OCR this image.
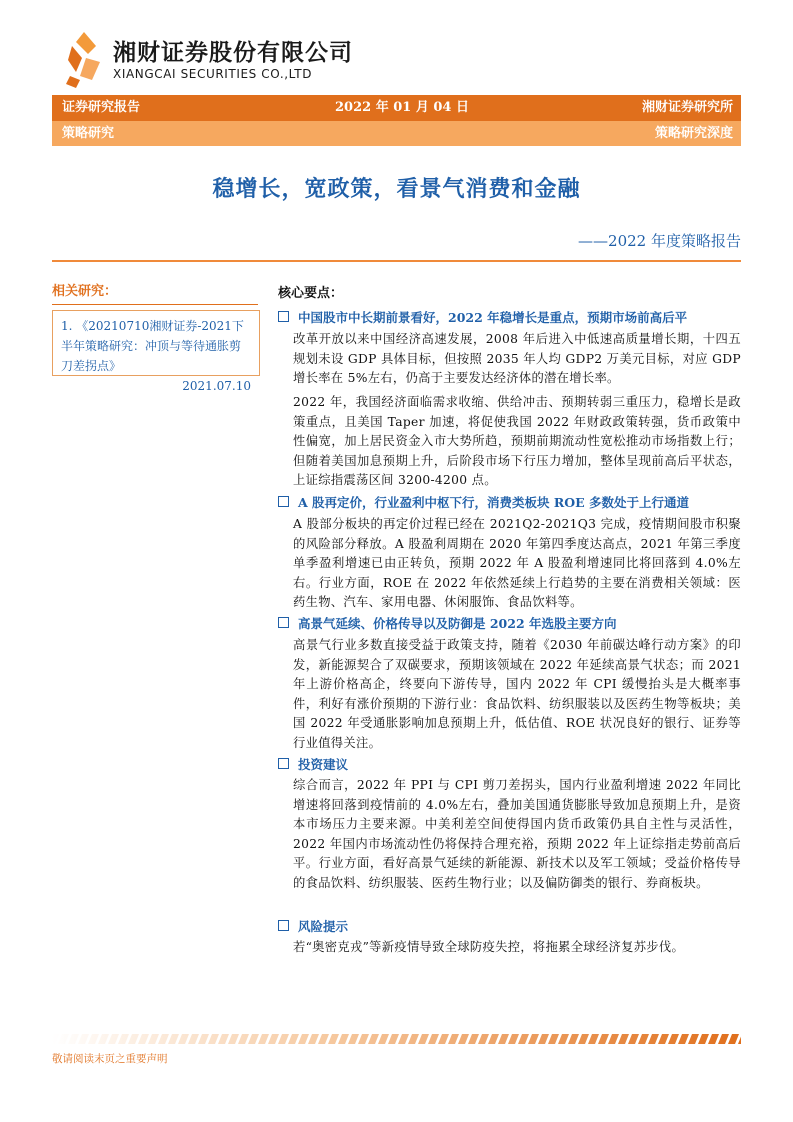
湘财证券股份有限公司
XIANGCAI SECURITIES CO.,LTD
证券研究报告	2022 年 01 月 04 日	湘财证券研究所
策略研究	策略研究深度
稳增长，宽政策，看景气消费和金融
——2022 年度策略报告
相关研究：
1. 《20210710湘财证券-2021下半年策略研究：冲顶与等待通胀剪刀差拐点》
2021.07.10
核心要点：
中国股市中长期前景看好，2022 年稳增长是重点，预期市场前高后平
改革开放以来中国经济高速发展，2008 年后进入中低速高质量增长期，十四五规划未设 GDP 具体目标，但按照 2035 年人均 GDP2 万美元目标，对应 GDP 增长率在 5%左右，仍高于主要发达经济体的潜在增长率。
2022 年，我国经济面临需求收缩、供给冲击、预期转弱三重压力，稳增长是政策重点，且美国 Taper 加速，将促使我国 2022 年财政政策转强，货币政策中性偏宽，加上居民资金入市大势所趋，预期前期流动性宽松推动市场指数上行；但随着美国加息预期上升，后阶段市场下行压力增加，整体呈现前高后平状态，上证综指震荡区间 3200-4200 点。
A 股再定价，行业盈利中枢下行，消费类板块 ROE 多数处于上行通道
A 股部分板块的再定价过程已经在 2021Q2-2021Q3 完成，疫情期间股市积聚的风险部分释放。A 股盈利周期在 2020 年第四季度达高点，2021 年第三季度单季盈利增速已由正转负，预期 2022 年 A 股盈利增速同比将回落到 4.0%左右。行业方面，ROE 在 2022 年依然延续上行趋势的主要在消费相关领域：医药生物、汽车、家用电器、休闲服饰、食品饮料等。
高景气延续、价格传导以及防御是 2022 年选股主要方向
高景气行业多数直接受益于政策支持，随着《2030 年前碳达峰行动方案》的印发，新能源契合了双碳要求，预期该领域在 2022 年延续高景气状态；而 2021 年上游价格高企，终要向下游传导，国内 2022 年 CPI 缓慢抬头是大概率事件，利好有涨价预期的下游行业：食品饮料、纺织服装以及医药生物等板块；美国 2022 年受通胀影响加息预期上升，低估值、ROE 状况良好的银行、证券等行业值得关注。
投资建议
综合而言，2022 年 PPI 与 CPI 剪刀差拐头，国内行业盈利增速 2022 年同比增速将回落到疫情前的 4.0%左右，叠加美国通货膨胀导致加息预期上升，是资本市场压力主要来源。中美利差空间使得国内货币政策仍具自主性与灵活性，2022 年国内市场流动性仍将保持合理充裕，预期 2022 年上证综指走势前高后平。行业方面，看好高景气延续的新能源、新技术以及军工领域；受益价格传导的食品饮料、纺织服装、医药生物行业；以及偏防御类的银行、券商板块。
风险提示
若“奥密克戎”等新疫情导致全球防疫失控，将拖累全球经济复苏步伐。
敬请阅读末页之重要声明
